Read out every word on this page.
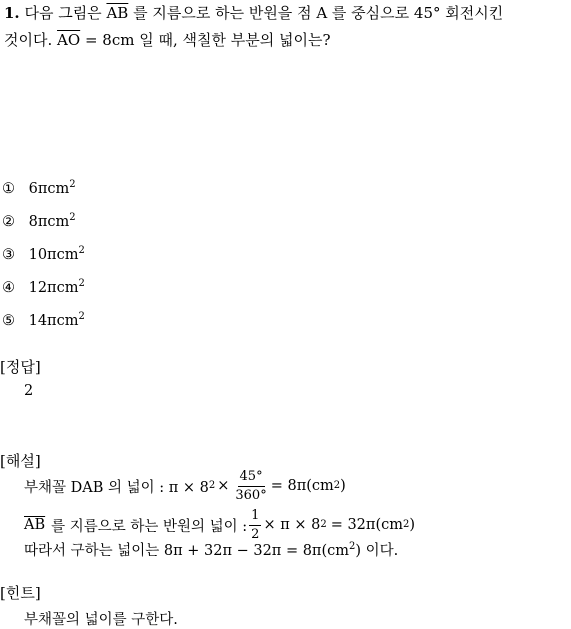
1. 다음 그림은 $\overline{AB}$ 를 지름으로 하는 반원을 점 A 를 중심으로 45° 회전시킨
것이다. $\overline{AO} = 8cm$ 일 때, 색칠한 부분의 넓이는?
① 6πcm$^2$
② 8πcm$^2$
③ 10πcm$^2$
④ 12πcm$^2$
⑤ 14πcm$^2$
[정답]
2
[해설]
부채꼴 DAB 의 넓이 : π × 8 $2 \times \frac{45^\circ}{360^\circ} = 8\pi(cm$ 2 )
$\overline{AB}$ 를 지름으로 하는 반원의 넓이 : $\frac{1}{2} \times \pi \times 8$ 2 = 32π(cm 2 )
따라서 구하는 넓이는 $8\pi + 32\pi - 32\pi = 8\pi(cm^2)$ 이다.
[힌트]
부채꼴의 넓이를 구한다.
